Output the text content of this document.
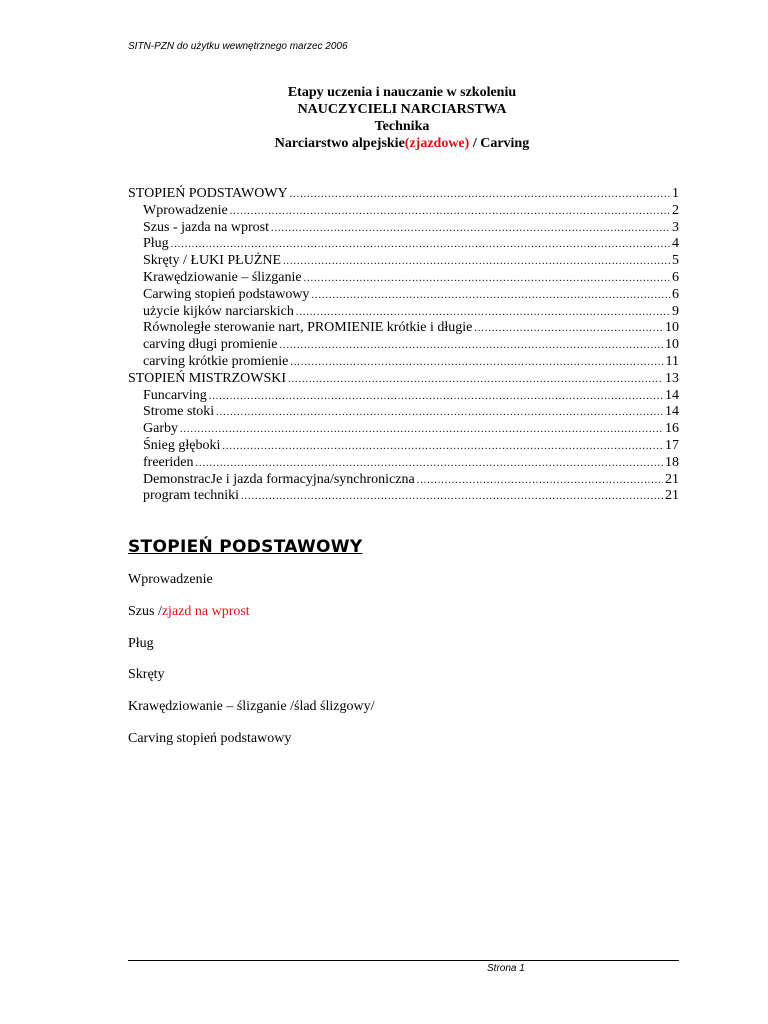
SITN-PZN do użytku wewnętrznego marzec 2006
Etapy uczenia i nauczanie w szkoleniu
NAUCZYCIELI NARCIARSTWA
Technika
Narciarstwo alpejskie(zjazdowe) / Carving
STOPIEŃ PODSTAWOWY .....	1
Wprowadzenie .....	2
Szus - jazda na wprost .....	3
Pług .....	4
Skręty / ŁUKI PŁUŻNE .....	5
Krawędziowanie – ślizganie .....	6
Carwing stopień podstawowy .....	6
użycie kijków narciarskich .....	9
Równoległe sterowanie nart, PROMIENIE krótkie i długie .....	10
carving długi promienie .....	10
carving krótkie promienie .....	11
STOPIEŃ MISTRZOWSKI .....	13
Funcarving .....	14
Strome stoki .....	14
Garby .....	16
Śnieg głęboki .....	17
freeriden .....	18
DemonstracJe i jazda formacyjna/synchroniczna .....	21
program techniki .....	21
STOPIEŃ PODSTAWOWY
Wprowadzenie
Szus /zjazd na wprost
Pług
Skręty
Krawędziowanie – ślizganie /ślad ślizgowy/
Carving stopień podstawowy
Strona 1
